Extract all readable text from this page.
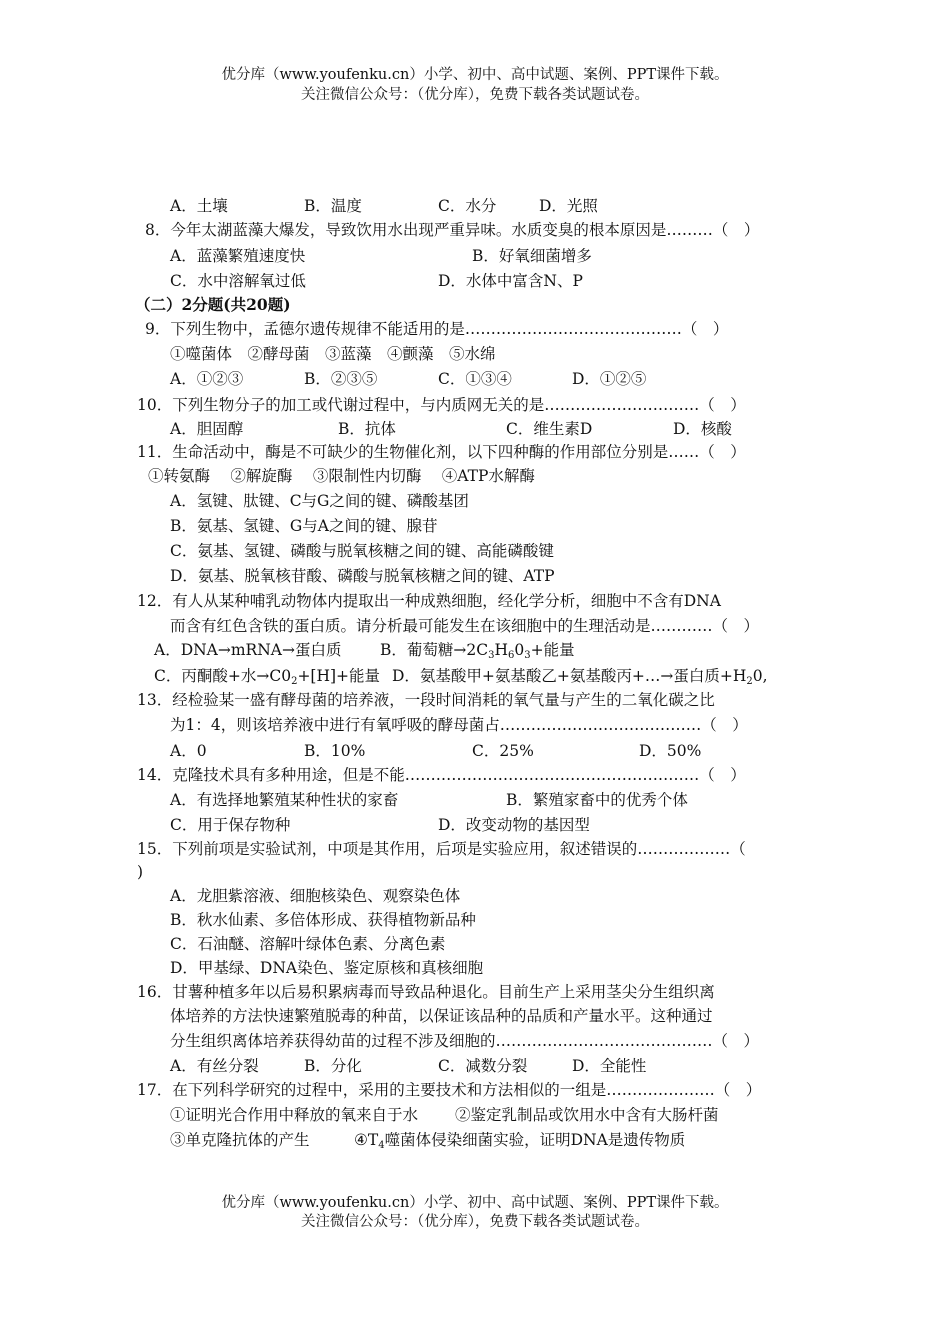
优分库（www.youfenku.cn）小学、初中、高中试题、案例、PPT课件下载。
关注微信公众号：（优分库），免费下载各类试题试卷。
A．土壤	B．温度	C．水分	D．光照
8．今年太湖蓝藻大爆发，导致饮用水出现严重异味。水质变臭的根本原因是………（　）
A．蓝藻繁殖速度快	B．好氧细菌增多
C．水中溶解氧过低	D．水体中富含N、P
（二）2分题(共20题)
9．下列生物中，孟德尔遗传规律不能适用的是……………………………………（　）
①噬菌体　②酵母菌　③蓝藻　④颤藻　⑤水绵
A．①②③	B．②③⑤	C．①③④	D．①②⑤
10．下列生物分子的加工或代谢过程中，与内质网无关的是…………………………（　）
A．胆固醇	B．抗体	C．维生素D	D．核酸
11．生命活动中，酶是不可缺少的生物催化剂，以下四种酶的作用部位分别是……（　）
①转氨酶　 ②解旋酶　 ③限制性内切酶　 ④ATP水解酶
A．氢键、肽键、C与G之间的键、磷酸基团
B．氨基、氢键、G与A之间的键、腺苷
C．氨基、氢键、磷酸与脱氧核糖之间的键、高能磷酸键
D．氨基、脱氧核苷酸、磷酸与脱氧核糖之间的键、ATP
12．有人从某种哺乳动物体内提取出一种成熟细胞，经化学分析，细胞中不含有DNA
而含有红色含铁的蛋白质。请分析最可能发生在该细胞中的生理活动是…………（　）
A．DNA→mRNA→蛋白质 B．葡萄糖$\to 2C_3H_60_3+$能量
C．丙酮酸+水$\to C0_2+[H]+$能量 D．氨基酸甲+氨基酸乙+氨基酸丙+…→蛋白质$+H_20$,
13．经检验某一盛有酵母菌的培养液，一段时间消耗的氧气量与产生的二氧化碳之比
为1：4，则该培养液中进行有氧呼吸的酵母菌占…………………………………（　）
A．0	B．10%	C．25%	D．50%
14．克隆技术具有多种用途，但是不能…………………………………………………（　）
A．有选择地繁殖某种性状的家畜	B．繁殖家畜中的优秀个体
C．用于保存物种	D．改变动物的基因型
15．下列前项是实验试剂，中项是其作用，后项是实验应用，叙述错误的………………（
)
A．龙胆紫溶液、细胞核染色、观察染色体
B．秋水仙素、多倍体形成、获得植物新品种
C．石油醚、溶解叶绿体色素、分离色素
D．甲基绿、DNA染色、鉴定原核和真核细胞
16．甘薯种植多年以后易积累病毒而导致品种退化。目前生产上采用茎尖分生组织离
体培养的方法快速繁殖脱毒的种苗，以保证该品种的品质和产量水平。这种通过
分生组织离体培养获得幼苗的过程不涉及细胞的……………………………………（　）
A．有丝分裂	B．分化	C．减数分裂	D．全能性
17．在下列科学研究的过程中，采用的主要技术和方法相似的一组是…………………（　）
①证明光合作用中释放的氧来自于水 ②鉴定乳制品或饮用水中含有大肠杆菌
③单克隆抗体的产生	$④T_4$噬菌体侵染细菌实验，证明DNA是遗传物质
优分库（www.youfenku.cn）小学、初中、高中试题、案例、PPT课件下载。
关注微信公众号：（优分库），免费下载各类试题试卷。
